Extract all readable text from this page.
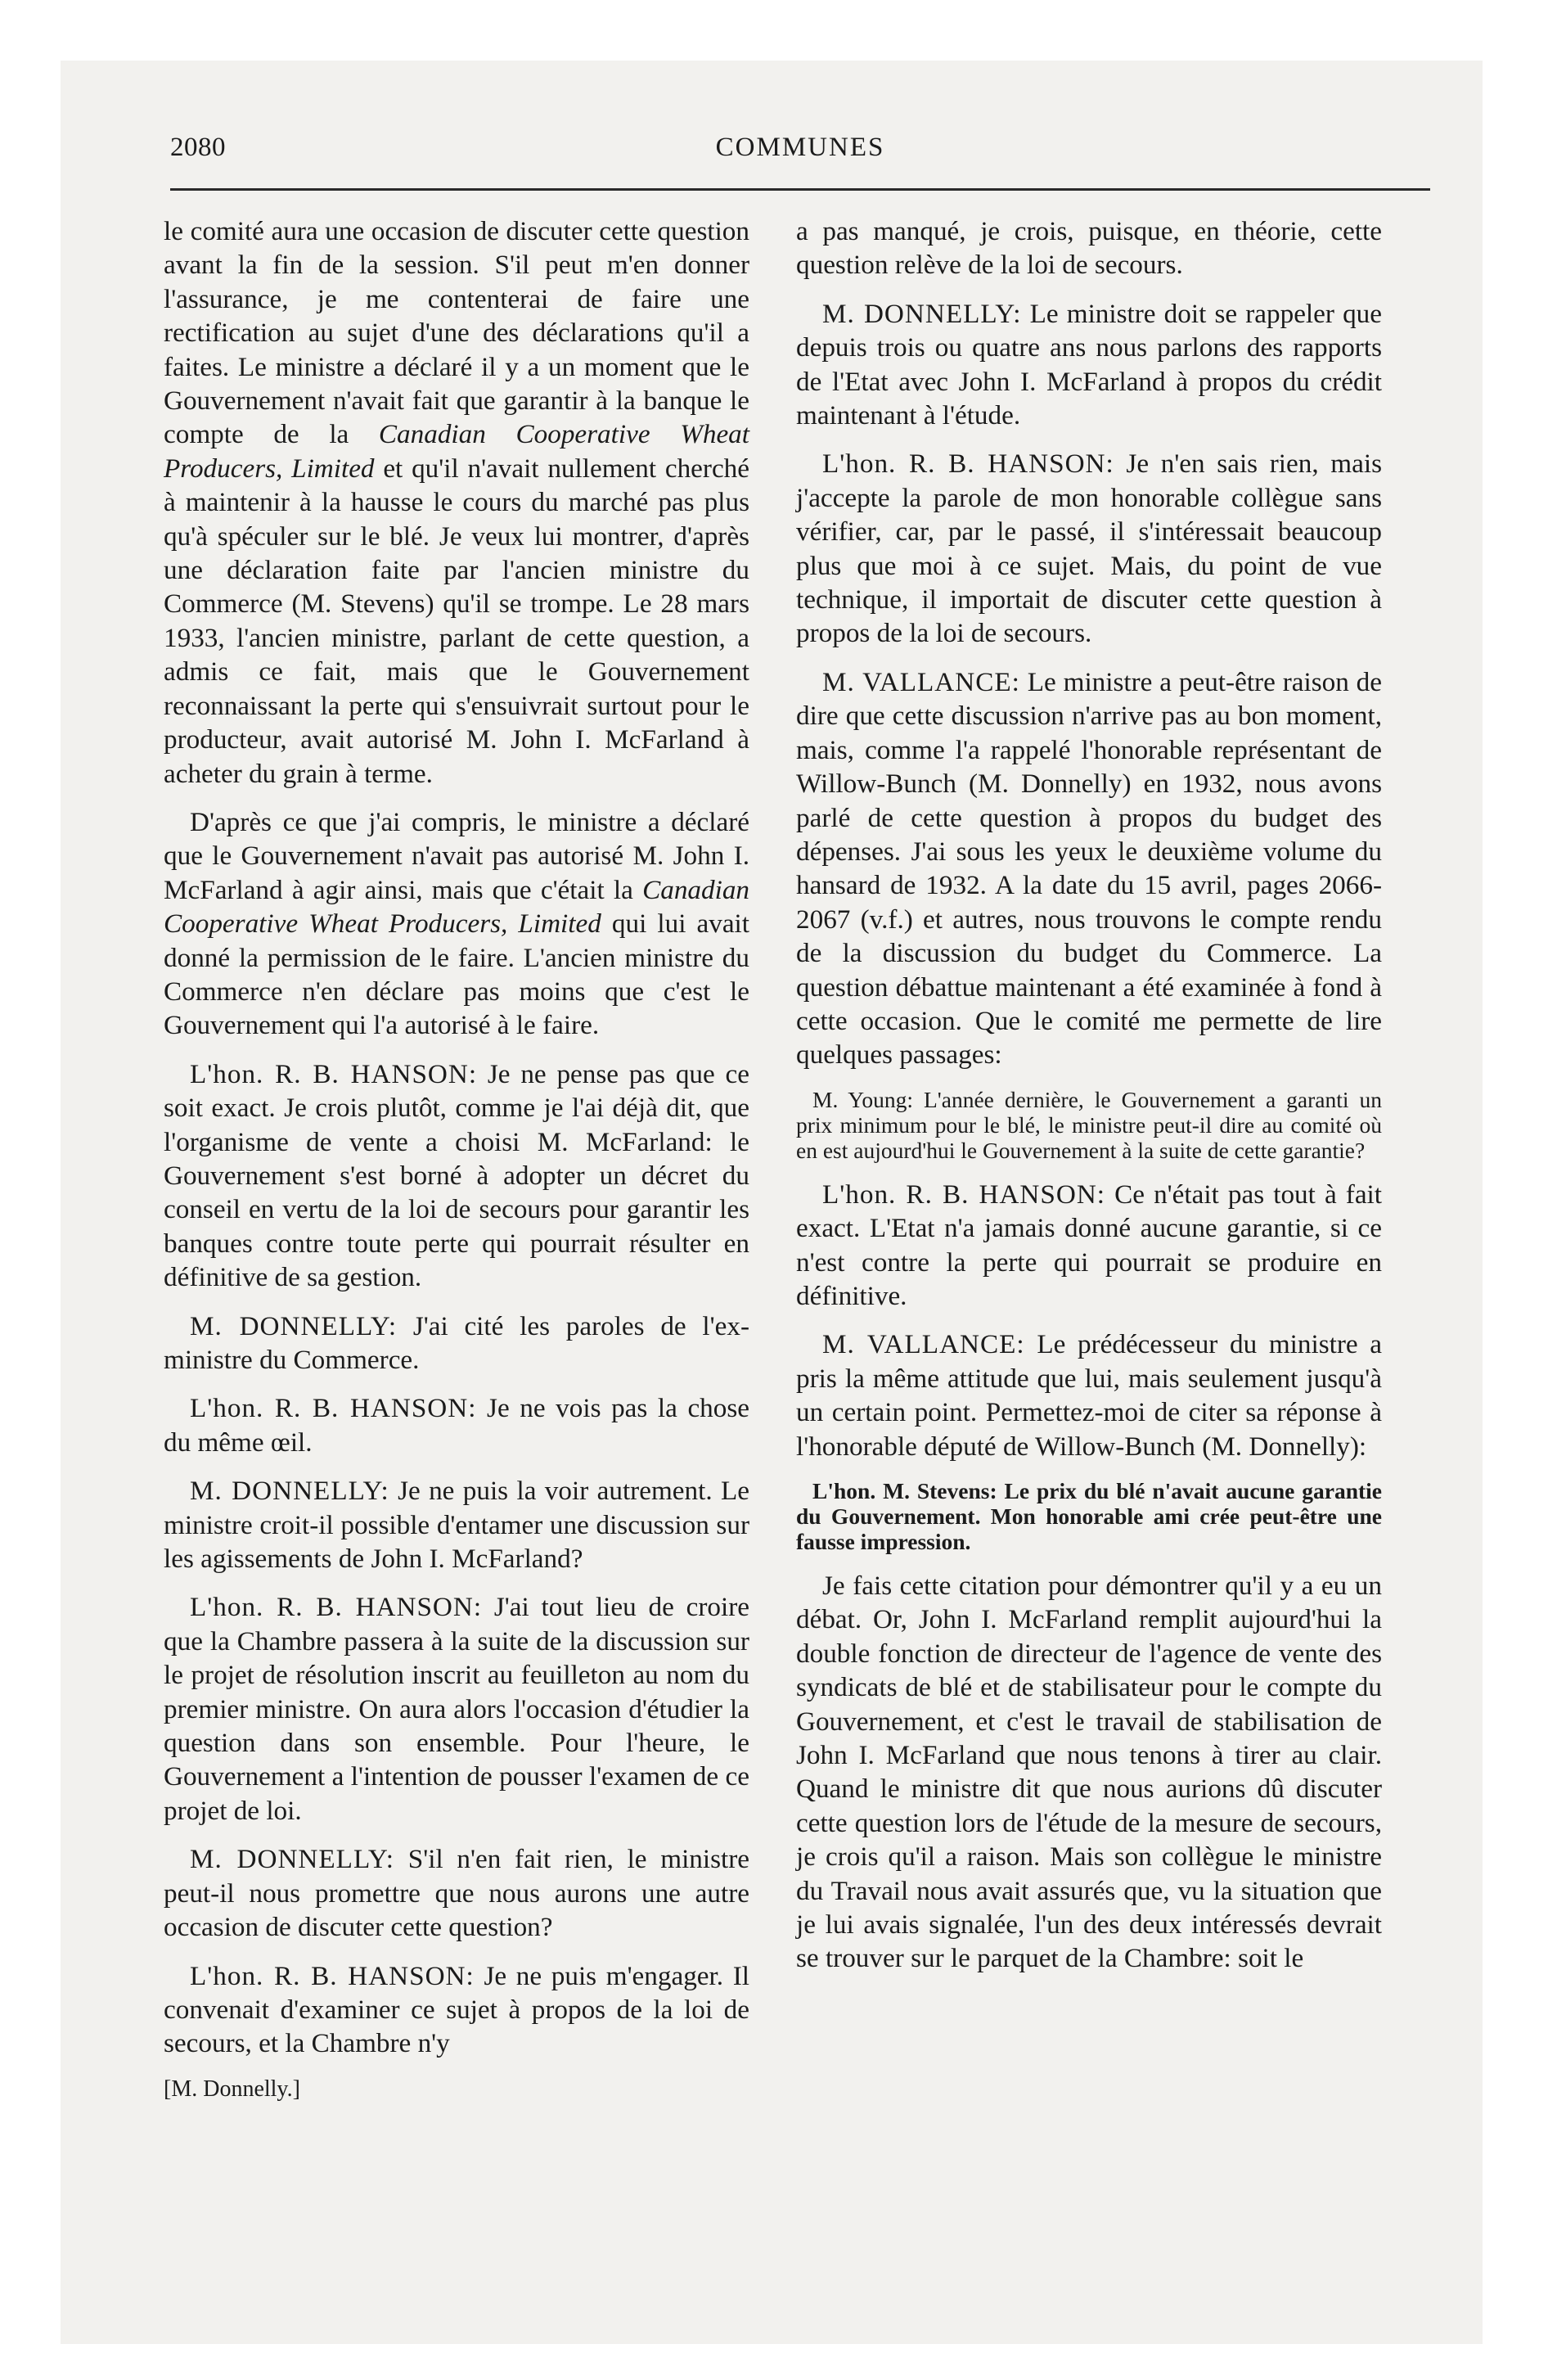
2080	COMMUNES

le comité aura une occasion de discuter cette question avant la fin de la session. S'il peut m'en donner l'assurance, je me contenterai de faire une rectification au sujet d'une des déclarations qu'il a faites. Le ministre a déclaré il y a un moment que le Gouvernement n'avait fait que garantir à la banque le compte de la Canadian Cooperative Wheat Producers, Limited et qu'il n'avait nullement cherché à maintenir à la hausse le cours du marché pas plus qu'à spéculer sur le blé. Je veux lui montrer, d'après une déclaration faite par l'ancien ministre du Commerce (M. Stevens) qu'il se trompe. Le 28 mars 1933, l'ancien ministre, parlant de cette question, a admis ce fait, mais que le Gouvernement reconnaissant la perte qui s'ensuivrait surtout pour le producteur, avait autorisé M. John I. McFarland à acheter du grain à terme.

D'après ce que j'ai compris, le ministre a déclaré que le Gouvernement n'avait pas autorisé M. John I. McFarland à agir ainsi, mais que c'était la Canadian Cooperative Wheat Producers, Limited qui lui avait donné la permission de le faire. L'ancien ministre du Commerce n'en déclare pas moins que c'est le Gouvernement qui l'a autorisé à le faire.

L'hon. R. B. HANSON: Je ne pense pas que ce soit exact. Je crois plutôt, comme je l'ai déjà dit, que l'organisme de vente a choisi M. McFarland: le Gouvernement s'est borné à adopter un décret du conseil en vertu de la loi de secours pour garantir les banques contre toute perte qui pourrait résulter en définitive de sa gestion.

M. DONNELLY: J'ai cité les paroles de l'ex-ministre du Commerce.

L'hon. R. B. HANSON: Je ne vois pas la chose du même œil.

M. DONNELLY: Je ne puis la voir autrement. Le ministre croit-il possible d'entamer une discussion sur les agissements de John I. McFarland?

L'hon. R. B. HANSON: J'ai tout lieu de croire que la Chambre passera à la suite de la discussion sur le projet de résolution inscrit au feuilleton au nom du premier ministre. On aura alors l'occasion d'étudier la question dans son ensemble. Pour l'heure, le Gouvernement a l'intention de pousser l'examen de ce projet de loi.

M. DONNELLY: S'il n'en fait rien, le ministre peut-il nous promettre que nous aurons une autre occasion de discuter cette question?

L'hon. R. B. HANSON: Je ne puis m'engager. Il convenait d'examiner ce sujet à propos de la loi de secours, et la Chambre n'y

[M. Donnelly.]

a pas manqué, je crois, puisque, en théorie, cette question relève de la loi de secours.

M. DONNELLY: Le ministre doit se rappeler que depuis trois ou quatre ans nous parlons des rapports de l'Etat avec John I. McFarland à propos du crédit maintenant à l'étude.

L'hon. R. B. HANSON: Je n'en sais rien, mais j'accepte la parole de mon honorable collègue sans vérifier, car, par le passé, il s'intéressait beaucoup plus que moi à ce sujet. Mais, du point de vue technique, il importait de discuter cette question à propos de la loi de secours.

M. VALLANCE: Le ministre a peut-être raison de dire que cette discussion n'arrive pas au bon moment, mais, comme l'a rappelé l'honorable représentant de Willow-Bunch (M. Donnelly) en 1932, nous avons parlé de cette question à propos du budget des dépenses. J'ai sous les yeux le deuxième volume du hansard de 1932. A la date du 15 avril, pages 2066-2067 (v.f.) et autres, nous trouvons le compte rendu de la discussion du budget du Commerce. La question débattue maintenant a été examinée à fond à cette occasion. Que le comité me permette de lire quelques passages:

M. Young: L'année dernière, le Gouvernement a garanti un prix minimum pour le blé, le ministre peut-il dire au comité où en est aujourd'hui le Gouvernement à la suite de cette garantie?

L'hon. R. B. HANSON: Ce n'était pas tout à fait exact. L'Etat n'a jamais donné aucune garantie, si ce n'est contre la perte qui pourrait se produire en définitive.

M. VALLANCE: Le prédécesseur du ministre a pris la même attitude que lui, mais seulement jusqu'à un certain point. Permettez-moi de citer sa réponse à l'honorable député de Willow-Bunch (M. Donnelly):

L'hon. M. Stevens: Le prix du blé n'avait aucune garantie du Gouvernement. Mon honorable ami crée peut-être une fausse impression.

Je fais cette citation pour démontrer qu'il y a eu un débat. Or, John I. McFarland remplit aujourd'hui la double fonction de directeur de l'agence de vente des syndicats de blé et de stabilisateur pour le compte du Gouvernement, et c'est le travail de stabilisation de John I. McFarland que nous tenons à tirer au clair. Quand le ministre dit que nous aurions dû discuter cette question lors de l'étude de la mesure de secours, je crois qu'il a raison. Mais son collègue le ministre du Travail nous avait assurés que, vu la situation que je lui avais signalée, l'un des deux intéressés devrait se trouver sur le parquet de la Chambre: soit le
